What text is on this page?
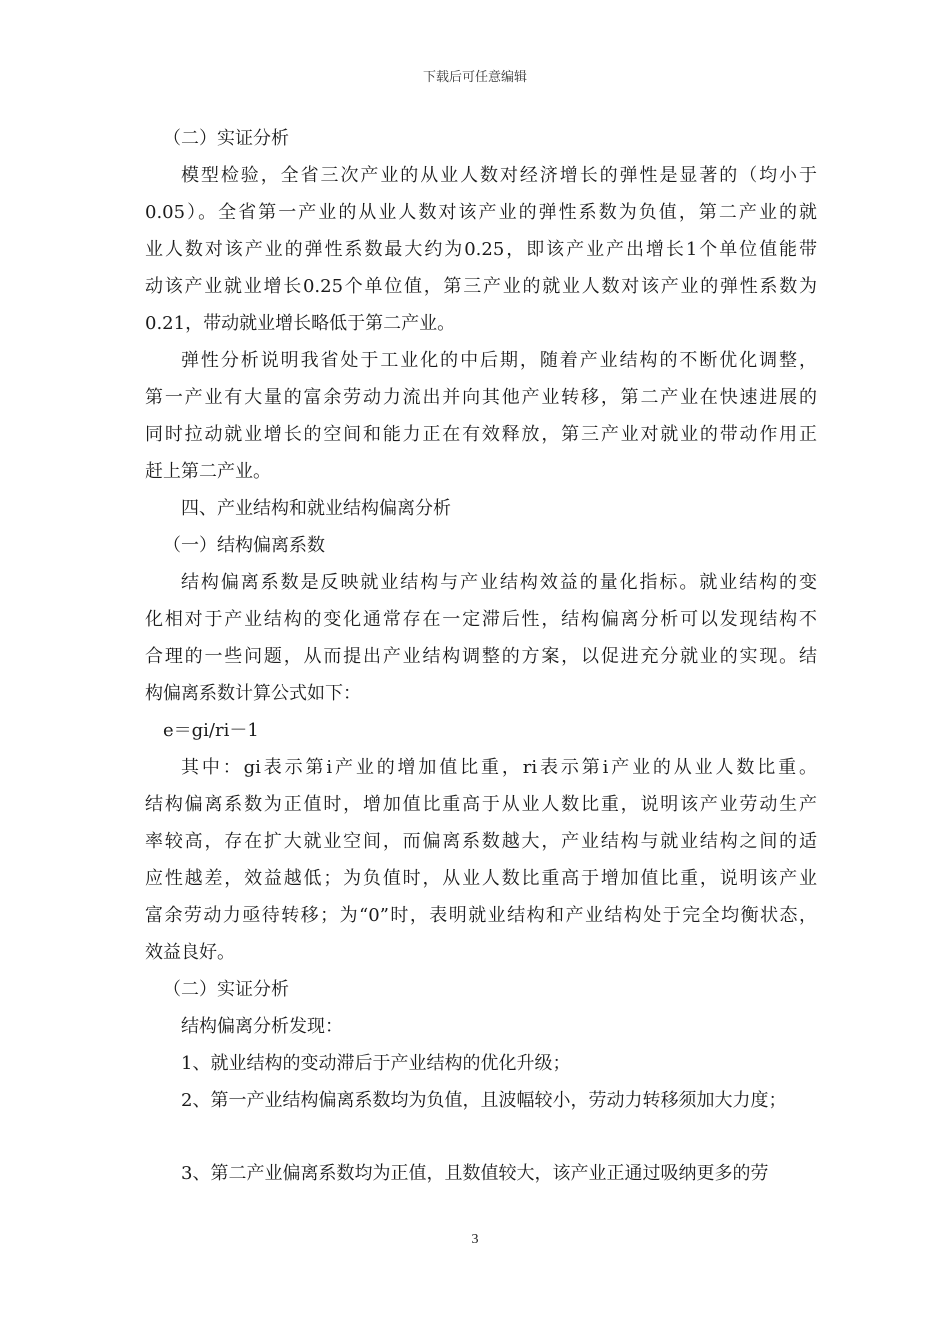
下载后可任意编辑
（二）实证分析
模型检验，全省三次产业的从业人数对经济增长的弹性是显著的（均小于
0.05）。全省第一产业的从业人数对该产业的弹性系数为负值，第二产业的就
业人数对该产业的弹性系数最大约为0.25，即该产业产出增长1个单位值能带
动该产业就业增长0.25个单位值，第三产业的就业人数对该产业的弹性系数为
0.21，带动就业增长略低于第二产业。
弹性分析说明我省处于工业化的中后期，随着产业结构的不断优化调整，
第一产业有大量的富余劳动力流出并向其他产业转移，第二产业在快速进展的
同时拉动就业增长的空间和能力正在有效释放，第三产业对就业的带动作用正
赶上第二产业。
四、产业结构和就业结构偏离分析
（一）结构偏离系数
结构偏离系数是反映就业结构与产业结构效益的量化指标。就业结构的变
化相对于产业结构的变化通常存在一定滞后性，结构偏离分析可以发现结构不
合理的一些问题，从而提出产业结构调整的方案，以促进充分就业的实现。结
构偏离系数计算公式如下：
e＝gi/ri－1
其中：gi表示第i产业的增加值比重，ri表示第i产业的从业人数比重。
结构偏离系数为正值时，增加值比重高于从业人数比重，说明该产业劳动生产
率较高，存在扩大就业空间，而偏离系数越大，产业结构与就业结构之间的适
应性越差，效益越低；为负值时，从业人数比重高于增加值比重，说明该产业
富余劳动力亟待转移；为“0”时，表明就业结构和产业结构处于完全均衡状态，
效益良好。
（二）实证分析
结构偏离分析发现：
1、就业结构的变动滞后于产业结构的优化升级；
2、第一产业结构偏离系数均为负值，且波幅较小，劳动力转移须加大力度；
3、第二产业偏离系数均为正值，且数值较大，该产业正通过吸纳更多的劳
3
